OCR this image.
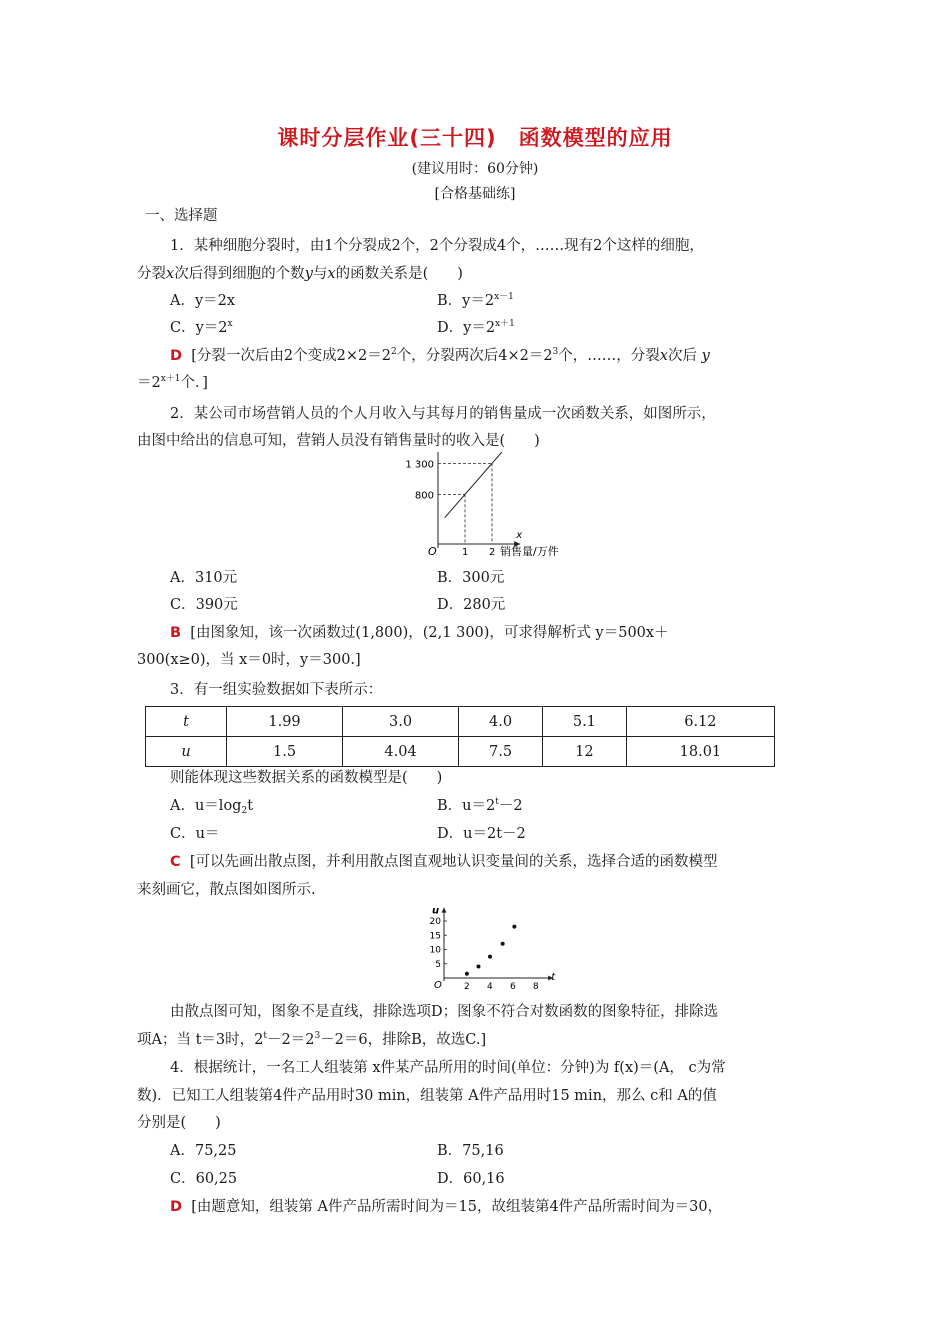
课时分层作业(三十四)　函数模型的应用
(建议用时：60分钟)
[合格基础练]
一、选择题
1．某种细胞分裂时，由1个分裂成2个，2个分裂成4个，……现有2个这样的细胞，
分裂x次后得到细胞的个数y与x的函数关系是(　　)
A．y＝2x	B．$y=2^{x-1}$
C．$y=2^x$	D．$y=2^{x+1}$
D [分裂一次后由2个变成$2\times 2=2^2$个，分裂两次后$4\times 2=2^3$个，……，分裂x次后 y
$=2^{x+1}$个．]
2．某公司市场营销人员的个人月收入与其每月的销售量成一次函数关系，如图所示，
由图中给出的信息可知，营销人员没有销售量时的收入是(　　)
x
销售量/万件
O	1 2
800
1 300
A．310元	B．300元
C．390元	D．280元
B [由图象知，该一次函数过(1,800)，(2,1 300)，可求得解析式 y＝500x＋
300(x≥0)，当 x＝0时，y＝300.]
3．有一组实验数据如下表所示：
t	1.99	3.0	4.0	5.1	6.12
u	1.5	4.04	7.5	12	18.01
则能体现这些数据关系的函数模型是(　　)
A．$u=\log_2t$	B．$u=2^t-2$
C．u＝	D．u＝2t－2
C [可以先画出散点图，并利用散点图直观地认识变量间的关系，选择合适的函数模型
来刻画它，散点图如图所示.
t
u
O 2 4 6 8
5
10
15
20
由散点图可知，图象不是直线，排除选项D；图象不符合对数函数的图象特征，排除选
项A；当 t＝3时，$2^t-2=2^3-2=6$，排除B，故选C.]
4．根据统计，一名工人组装第 x件某产品所用的时间(单位：分钟)为 f(x)＝(A， c为常
数)．已知工人组装第4件产品用时30 min，组装第 A件产品用时15 min，那么 c和 A的值
分别是(　　)
A．75,25	B．75,16
C．60,25	D．60,16
D [由题意知，组装第 A件产品所需时间为＝15，故组装第4件产品所需时间为＝30，
